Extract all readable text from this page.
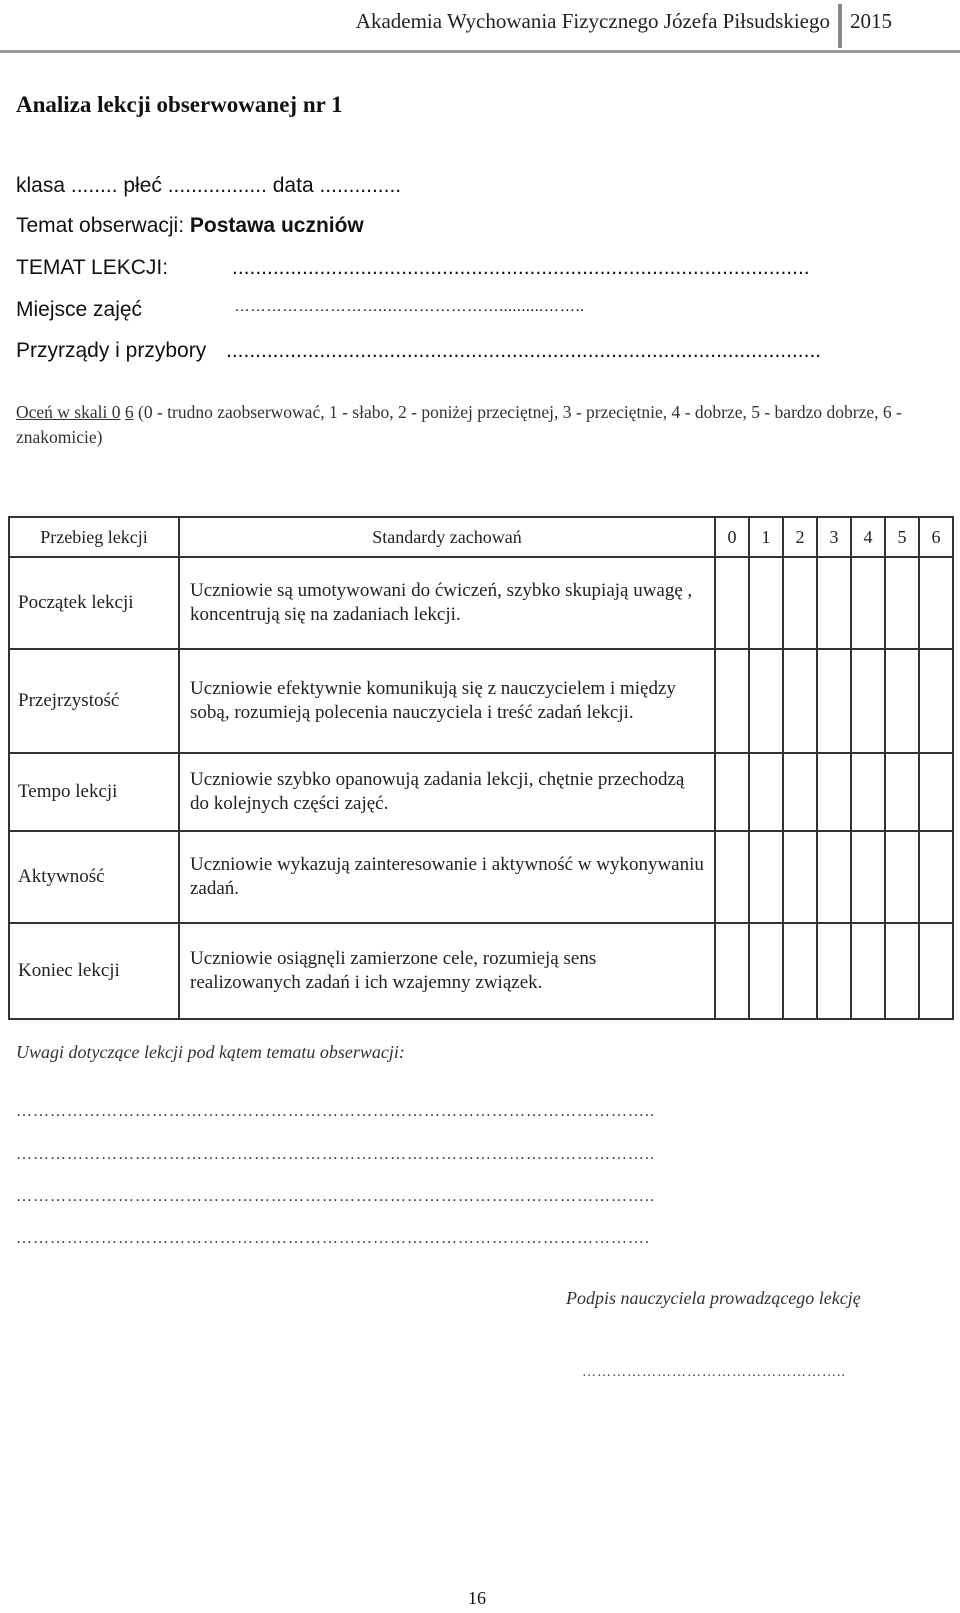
Akademia Wychowania Fizycznego Józefa Piłsudskiego 2015
Analiza lekcji obserwowanej nr 1
klasa ........ płeć ................. data ..............
Temat obserwacji: Postawa uczniów
TEMAT LEKCJI:	...................................................................................................
Miejsce zajęć	………………………..…………………..........……..
Przyrządy i przybory ......................................................................................................
Oceń w skali 0 6 (0 - trudno zaobserwować, 1 - słabo, 2 - poniżej przeciętnej, 3 - przeciętnie, 4 - dobrze, 5 - bardzo dobrze, 6 - znakomicie)
Przebieg lekcji	Standardy zachowań	0	1	2	3	4	5	6
Początek lekcji	Uczniowie są umotywowani do ćwiczeń, szybko skupiają uwagę , koncentrują się na zadaniach lekcji.							
Przejrzystość	Uczniowie efektywnie komunikują się z nauczycielem i między sobą, rozumieją polecenia nauczyciela i treść zadań lekcji.							
Tempo lekcji	Uczniowie szybko opanowują zadania lekcji, chętnie przechodzą do kolejnych części zajęć.							
Aktywność	Uczniowie wykazują zainteresowanie i aktywność w wykonywaniu zadań.							
Koniec lekcji	Uczniowie osiągnęli zamierzone cele, rozumieją sens realizowanych zadań i ich wzajemny związek.							
Uwagi dotyczące lekcji pod kątem tematu obserwacji:
…………………………………………………………………………………………………..
…………………………………………………………………………………………………..
…………………………………………………………………………………………………..
………………………………………………………………………………………………….
Podpis nauczyciela prowadzącego lekcję
……………………………………………..
16
